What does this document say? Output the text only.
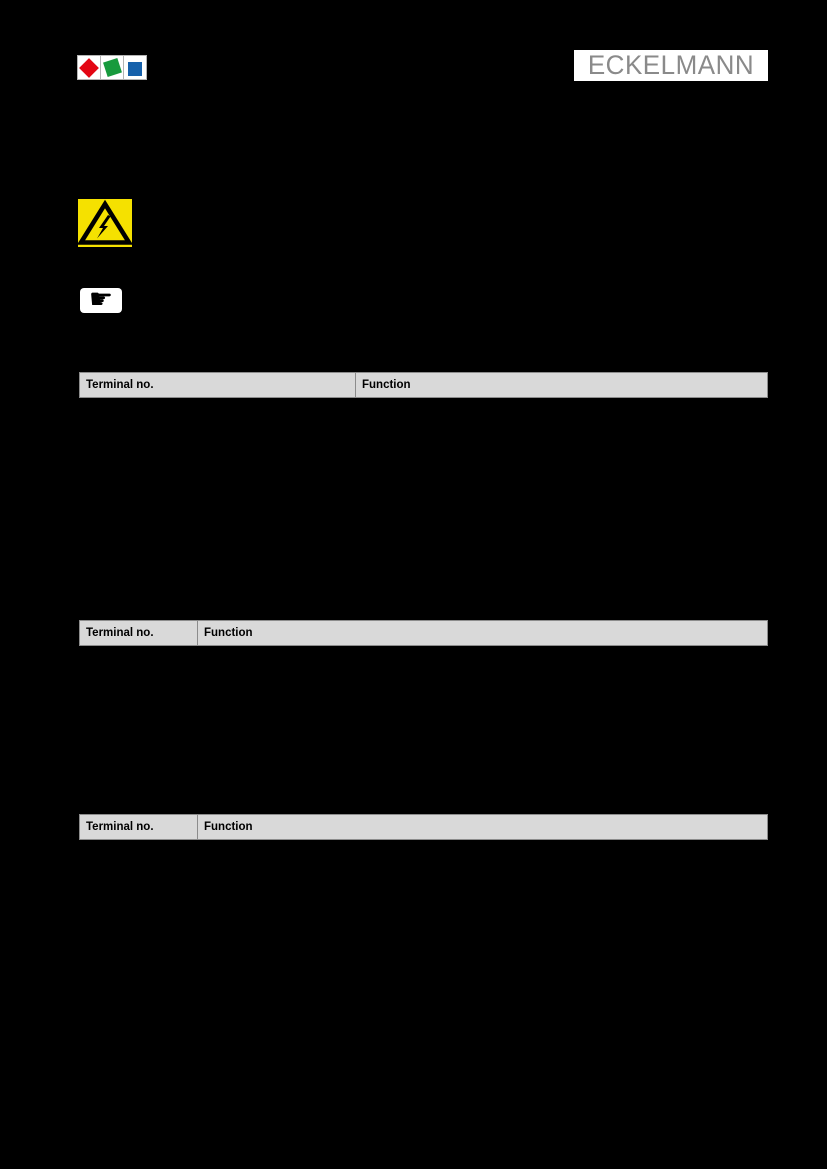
ECKELMANN
☛
Terminal no.	Function
Terminal no.	Function
Terminal no.	Function
